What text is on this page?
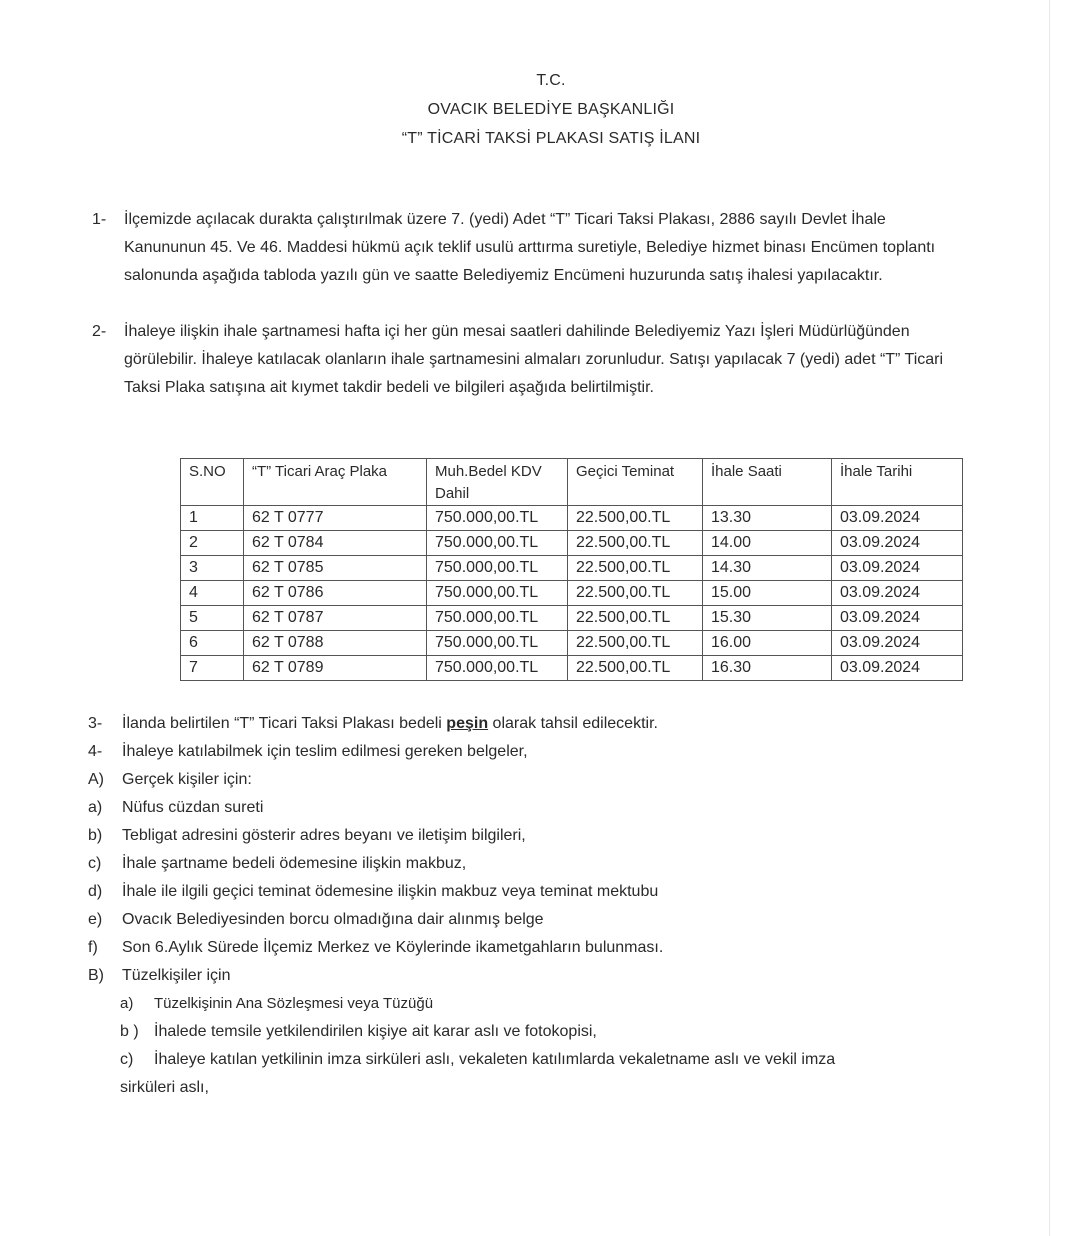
T.C.
OVACIK BELEDİYE BAŞKANLIĞI
“T” TİCARİ TAKSİ PLAKASI SATIŞ İLANI
1- İlçemizde açılacak durakta çalıştırılmak üzere 7. (yedi) Adet “T” Ticari Taksi Plakası, 2886 sayılı Devlet İhale Kanununun 45. Ve 46. Maddesi hükmü açık teklif usulü arttırma suretiyle, Belediye hizmet binası Encümen toplantı salonunda aşağıda tabloda yazılı gün ve saatte Belediyemiz Encümeni huzurunda satış ihalesi yapılacaktır.
2- İhaleye ilişkin ihale şartnamesi hafta içi her gün mesai saatleri dahilinde Belediyemiz Yazı İşleri Müdürlüğünden görülebilir. İhaleye katılacak olanların ihale şartnamesini almaları zorunludur. Satışı yapılacak 7 (yedi) adet “T” Ticari Taksi Plaka satışına ait kıymet takdir bedeli ve bilgileri aşağıda belirtilmiştir.
S.NO	“T” Ticari Araç Plaka	Muh.Bedel KDV Dahil	Geçici Teminat	İhale Saati	İhale Tarihi
1	62 T 0777	750.000,00.TL	22.500,00.TL	13.30	03.09.2024
2	62 T 0784	750.000,00.TL	22.500,00.TL	14.00	03.09.2024
3	62 T 0785	750.000,00.TL	22.500,00.TL	14.30	03.09.2024
4	62 T 0786	750.000,00.TL	22.500,00.TL	15.00	03.09.2024
5	62 T 0787	750.000,00.TL	22.500,00.TL	15.30	03.09.2024
6	62 T 0788	750.000,00.TL	22.500,00.TL	16.00	03.09.2024
7	62 T 0789	750.000,00.TL	22.500,00.TL	16.30	03.09.2024
3- İlanda belirtilen “T” Ticari Taksi Plakası bedeli peşin olarak tahsil edilecektir.
4- İhaleye katılabilmek için teslim edilmesi gereken belgeler,
A) Gerçek kişiler için:
a) Nüfus cüzdan sureti
b) Tebligat adresini gösterir adres beyanı ve iletişim bilgileri,
c) İhale şartname bedeli ödemesine ilişkin makbuz,
d) İhale ile ilgili geçici teminat ödemesine ilişkin makbuz veya teminat mektubu
e) Ovacık Belediyesinden borcu olmadığına dair alınmış belge
f) Son 6.Aylık Sürede İlçemiz Merkez ve Köylerinde ikametgahların bulunması.
B) Tüzelkişiler için
a) Tüzelkişinin Ana Sözleşmesi veya Tüzüğü
b ) İhalede temsile yetkilendirilen kişiye ait karar aslı ve fotokopisi,
c) İhaleye katılan yetkilinin imza sirküleri aslı, vekaleten katılımlarda vekaletname aslı ve vekil imza
sirküleri aslı,
